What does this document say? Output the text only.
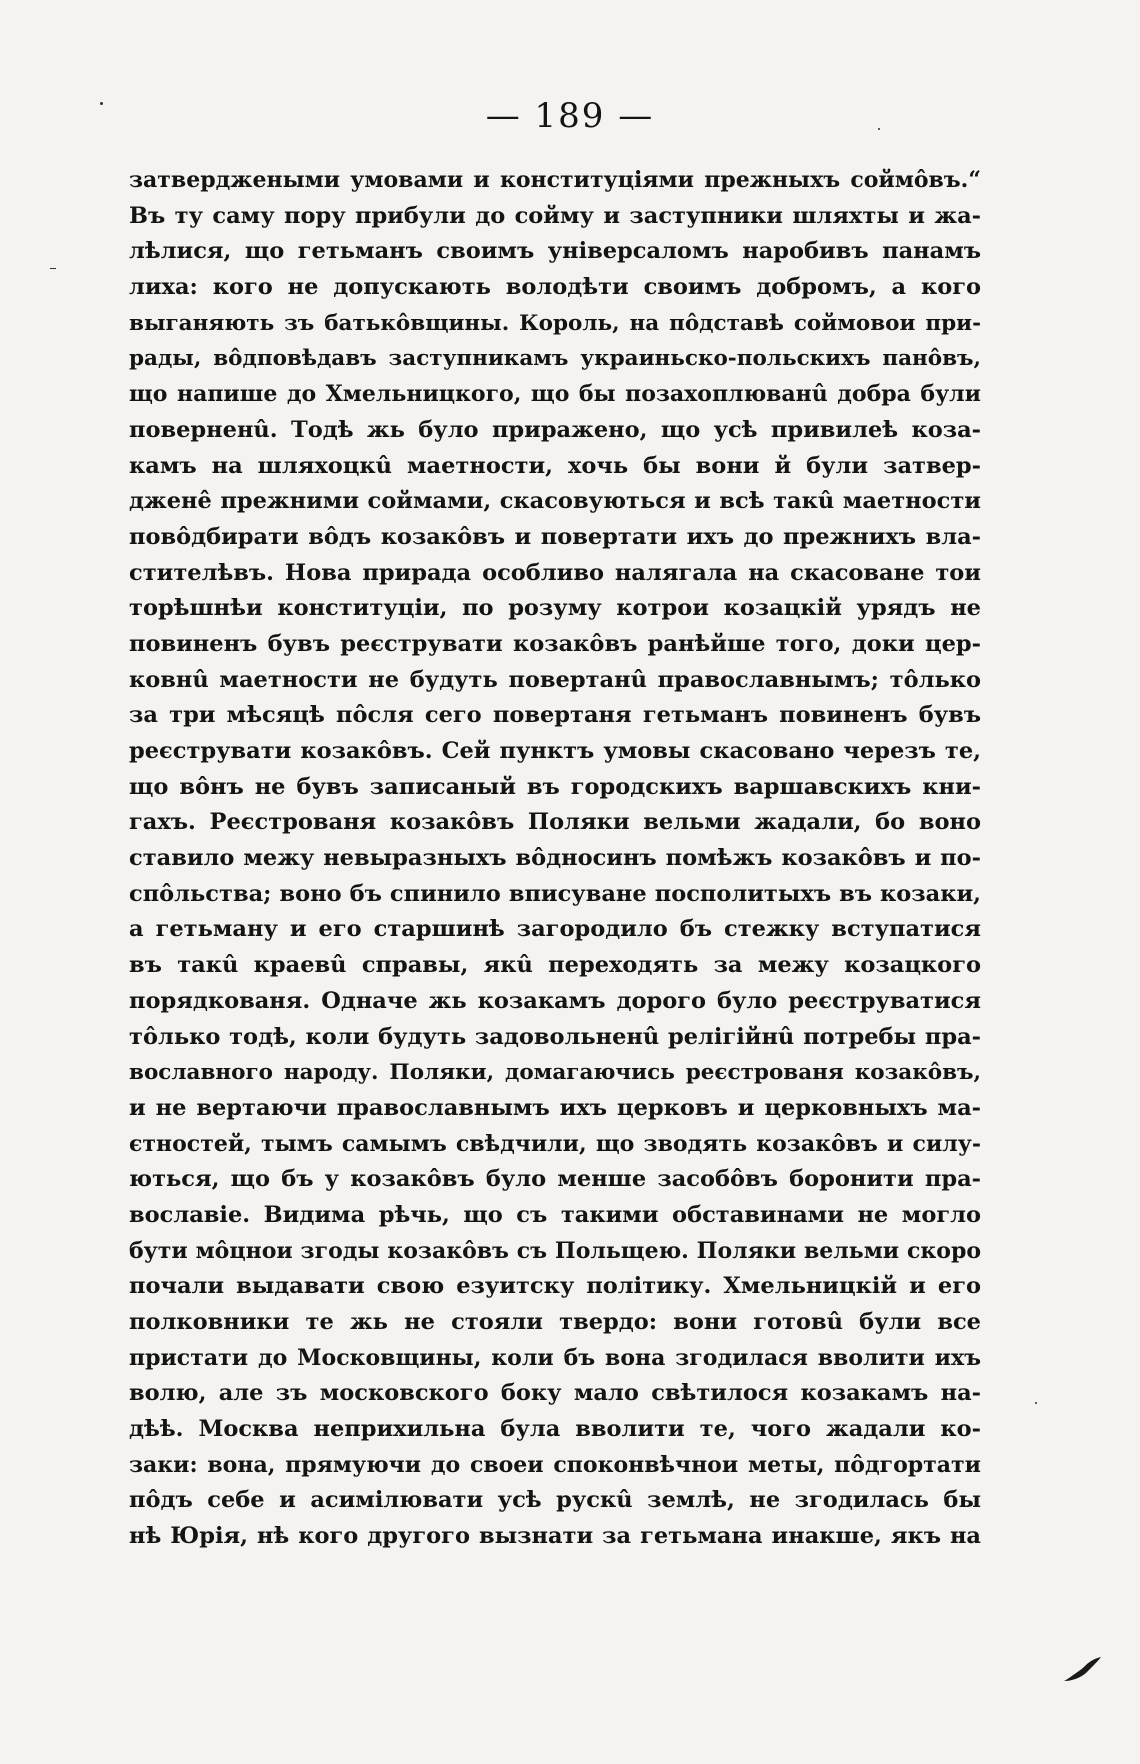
— 189 —
затверджеными умовами и конституціями прежныхъ соймôвъ.“
Въ ту саму пору прибули до сойму и заступники шляхты и жа-
лѣлися, що гетьманъ своимъ унiверсаломъ наробивъ панамъ
лиха: кого не допускають володѣти своимъ добромъ, а кого
выганяють зъ батькôвщины. Король, на пôдставѣ соймовои при-
рады, вôдповѣдавъ заступникамъ украиньско-польскихъ панôвъ,
що напише до Хмельницкого, що бы позахоплюванû добра були
поверненû. Тодѣ жь було приражено, що усѣ привилеѣ коза-
камъ на шляхоцкû маетности, хочь бы вони й були затвер-
джене̂ прежними соймами, скасовуються и всѣ такû маетности
повôдбирати вôдъ козакôвъ и повертати ихъ до прежнихъ вла-
стителѣвъ. Нова прирада особливо налягала на скасоване тои
торѣшнѣи конституціи, по розуму котрои козацкій урядъ не
повиненъ бувъ реєструвати козакôвъ ранѣйше того, доки цер-
ковнû маетности не будуть повертанû православнымъ; тôлько
за три мѣсяцѣ пôсля сего повертаня гетьманъ повиненъ бувъ
реєструвати козакôвъ. Сей пунктъ умовы скасовано черезъ те,
що вôнъ не бувъ записаный въ городскихъ варшавскихъ кни-
гахъ. Реєстрованя козакôвъ Поляки вельми жадали, бо воно
ставило межу невыразныхъ вôдносинъ помѣжъ козакôвъ и по-
спôльства; воно бъ спинило вписуване посполитыхъ въ козаки,
а гетьману и его старшинѣ загородило бъ стежку вступатися
въ такû краевû справы, якû переходять за межу козацкого
порядкованя. Одначе жь козакамъ дорого було реєструватися
тôлько тодѣ, коли будуть задовольненû релігійнû потребы пра-
вославного народу. Поляки, домагаючись реєстрованя козакôвъ,
и не вертаючи православнымъ ихъ церковъ и церковныхъ ма-
єтностей, тымъ самымъ свѣдчили, що зводять козакôвъ и силу-
ються, що бъ у козакôвъ було менше засобôвъ боронити пра-
вославіе. Видима рѣчь, що съ такими обставинами не могло
бути мôцнои згоды козакôвъ съ Польщею. Поляки вельми скоро
почали выдавати свою езуитску політику. Хмельницкій и его
полковники те жь не стояли твердо: вони готовû були все
пристати до Московщины, коли бъ вона згодилася вволити ихъ
волю, але зъ московского боку мало свѣтилося козакамъ на-
дѣѣ. Москва неприхильна була вволити те, чого жадали ко-
заки: вона, прямуючи до своеи споконвѣчнои меты, пôдгортати
пôдъ себе и асимілювати усѣ рускû землѣ, не згодилась бы
нѣ Юрія, нѣ кого другого вызнати за гетьмана инакше, якъ на
